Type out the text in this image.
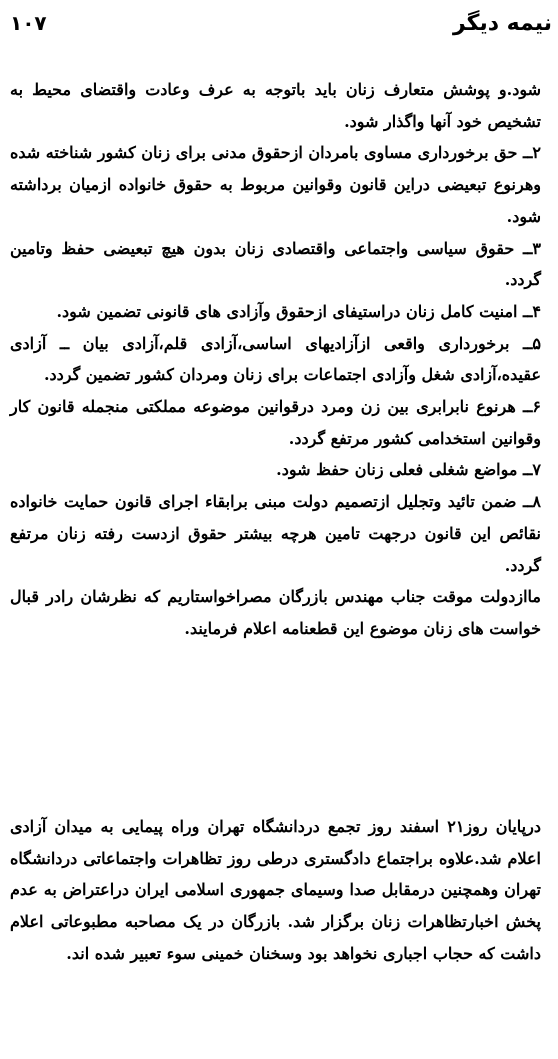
۱۰۷	نیمه دیگر

شود.و پوشش متعارف زنان باید باتوجه به عرف وعادت واقتضای محیط به تشخیص خود آنها واگذار شود.

۲ــ حق برخورداری مساوی بامردان ازحقوق مدنی برای زنان کشور شناخته شده وهرنوع تبعیضی دراین قانون وقوانین مربوط به حقوق خانواده ازمیان برداشته شود.

۳ــ حقوق سیاسی واجتماعی واقتصادی زنان بدون هیچ تبعیضی حفظ وتامین گردد.

۴ــ امنیت کامل زنان دراستیفای ازحقوق وآزادی های قانونی تضمین شود.

۵ــ برخورداری واقعی ازآزادیهای اساسی،آزادی قلم،آزادی بیان ــ آزادی عقیده،آزادی شغل وآزادی اجتماعات برای زنان ومردان کشور تضمین گردد.

۶ــ هرنوع نابرابری بین زن ومرد درقوانین موضوعه مملکتی منجمله قانون کار وقوانین استخدامی کشور مرتفع گردد.

۷ــ مواضع شغلی فعلی زنان حفظ شود.

۸ــ ضمن تائید وتجلیل ازتصمیم دولت مبنی برابقاء اجرای قانون حمایت خانواده نقائص این قانون درجهت تامین هرچه بیشتر حقوق ازدست رفته زنان مرتفع گردد.

ماازدولت موقت جناب مهندس بازرگان مصراخواستاریم که نظرشان رادر قبال خواست های زنان موضوع این قطعنامه اعلام فرمایند.

درپایان روز۲۱ اسفند روز تجمع دردانشگاه تهران وراه پیمایی به میدان آزادی اعلام شد.علاوه براجتماع دادگستری درطی روز تظاهرات واجتماعاتی دردانشگاه تهران وهمچنین درمقابل صدا وسیمای جمهوری اسلامی ایران دراعتراض به عدم پخش اخبارتظاهرات زنان برگزار شد. بازرگان در یک مصاحبه مطبوعاتی اعلام داشت که حجاب اجباری نخواهد بود وسخنان خمینی سوء تعبیر شده اند.
